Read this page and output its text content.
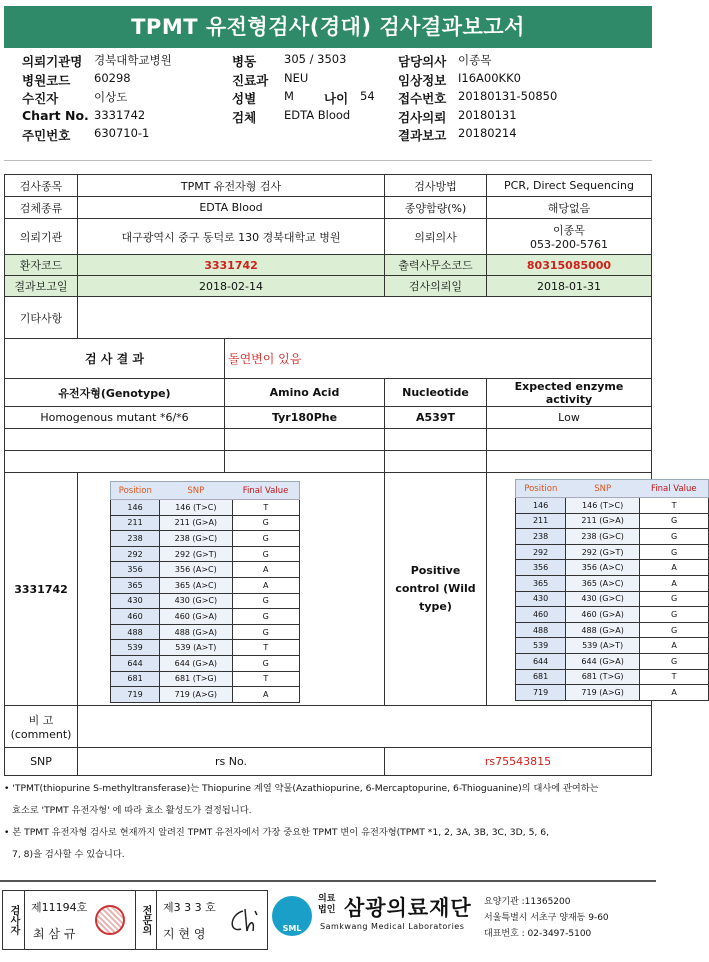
TPMT 유전형검사(경대) 검사결과보고서
의뢰기관명 경북대학교병원	병동 305 / 3503	담당의사 이종목
병원코드 60298	진료과 NEU	임상정보 I16A00KK0
수진자	이상도	성별 M 나이 54 접수번호 20180131-50850
Chart No. 3331742	검체 EDTA Blood	검사의뢰 20180131
주민번호 630710-1	결과보고 20180214
검사종목	TPMT 유전자형 검사	검사방법	PCR, Direct Sequencing
검체종류	EDTA Blood	종양함량(%)	해당없음
의뢰기관	대구광역시 중구 동덕로 130 경북대학교 병원	의뢰의사	이종목
053-200-5761

환자코드	3331742	출력사무소코드	80315085000
결과보고일	2018-02-14	검사의뢰일	2018-01-31
기타사항	
검 사 결 과	돌연변이 있음
유전자형(Genotype)	Amino Acid	Nucleotide	Expected enzyme activity
Homogenous mutant *6/*6	Tyr180Phe	A539T	Low

3331742	
Position	SNP	Final Value
146	146 (T>C)	T
211	211 (G>A)	G
238	238 (G>C)	G
292	292 (G>T)	G
356	356 (A>C)	A
365	365 (A>C)	A
430	430 (G>C)	G
460	460 (G>A)	G
488	488 (G>A)	G
539	539 (A>T)	T
644	644 (G>A)	G
681	681 (T>G)	T
719	719 (A>G)	A
	Positive control (Wild type)	
Position	SNP	Final Value
146	146 (T>C)	T
211	211 (G>A)	G
238	238 (G>C)	G
292	292 (G>T)	G
356	356 (A>C)	A
365	365 (A>C)	A
430	430 (G>C)	G
460	460 (G>A)	G
488	488 (G>A)	G
539	539 (A>T)	A
644	644 (G>A)	G
681	681 (T>G)	T
719	719 (A>G)	A

비 고 (comment)	
SNP	rs No.	rs75543815
• 'TPMT(thiopurine S-methyltransferase)는 Thiopurine 계열 약물(Azathiopurine, 6-Mercaptopurine, 6-Thioguanine)의 대사에 관여하는
효소로 'TPMT 유전자형' 에 따라 효소 활성도가 결정됩니다.
• 본 TPMT 유전자형 검사로 현재까지 알려진 TPMT 유전자에서 가장 중요한 TPMT 변이 유전자형(TPMT *1, 2, 3A, 3B, 3C, 3D, 5, 6,
7, 8)을 검사할 수 있습니다.
검사자	제11194호
최 삼 규	전문의	제3 3 3 호
지 현 영	SML
의료법인 삼광의료재단
Samkwang Medical Laboratories
요양기관 :11365200
서울특별시 서초구 양재동 9-60
대표번호 : 02-3497-5100
